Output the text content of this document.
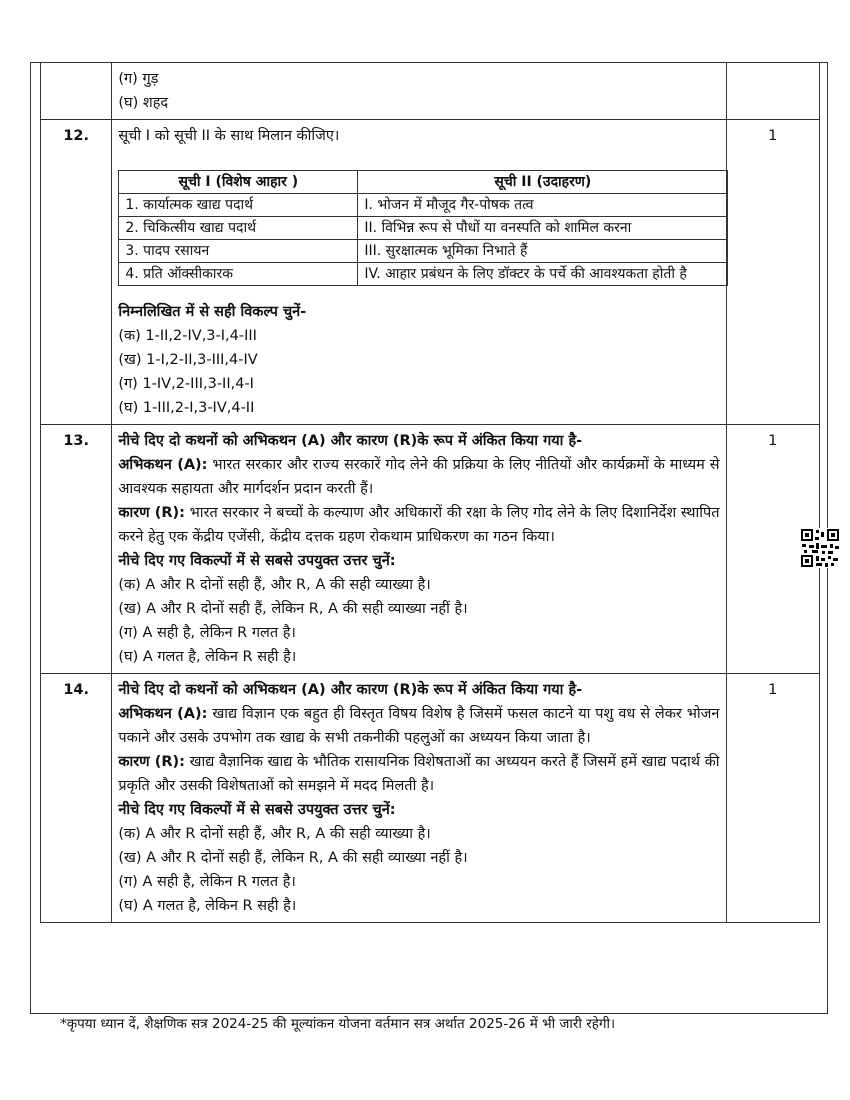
(ग) गुड़
(घ) शहद

12.	सूची I को सूची II के साथ मिलान कीजिए।
सूची I (विशेष आहार )	सूची II (उदाहरण)
1. कार्यात्मक खाद्य पदार्थ	I. भोजन में मौजूद गैर-पोषक तत्व
2. चिकित्सीय खाद्य पदार्थ	II. विभिन्न रूप से पौधों या वनस्पति को शामिल करना
3. पादप रसायन	III. सुरक्षात्मक भूमिका निभाते हैं
4. प्रति ऑक्सीकारक	IV. आहार प्रबंधन के लिए डॉक्टर के पर्चे की आवश्यकता होती है
निम्नलिखित में से सही विकल्प चुनें-
(क) 1-II,2-IV,3-I,4-III
(ख) 1-I,2-II,3-III,4-IV
(ग) 1-IV,2-III,3-II,4-I
(घ) 1-III,2-I,3-IV,4-II
	1
13.	नीचे दिए दो कथनों को अभिकथन (A) और कारण (R)के रूप में अंकित किया गया है-
अभिकथन (A): भारत सरकार और राज्य सरकारें गोद लेने की प्रक्रिया के लिए नीतियों और कार्यक्रमों के माध्यम से आवश्यक सहायता और मार्गदर्शन प्रदान करती हैं।
कारण (R): भारत सरकार ने बच्चों के कल्याण और अधिकारों की रक्षा के लिए गोद लेने के लिए दिशानिर्देश स्थापित करने हेतु एक केंद्रीय एजेंसी, केंद्रीय दत्तक ग्रहण रोकथाम प्राधिकरण का गठन किया।
नीचे दिए गए विकल्पों में से सबसे उपयुक्त उत्तर चुनें:
(क) A और R दोनों सही हैं, और R, A की सही व्याख्या है।
(ख) A और R दोनों सही हैं, लेकिन R, A की सही व्याख्या नहीं है।
(ग) A सही है, लेकिन R गलत है।
(घ) A गलत है, लेकिन R सही है।
	1
14.	नीचे दिए दो कथनों को अभिकथन (A) और कारण (R)के रूप में अंकित किया गया है-
अभिकथन (A): खाद्य विज्ञान एक बहुत ही विस्तृत विषय विशेष है जिसमें फसल काटने या पशु वध से लेकर भोजन पकाने और उसके उपभोग तक खाद्य के सभी तकनीकी पहलुओं का अध्ययन किया जाता है।
कारण (R): खाद्य वैज्ञानिक खाद्य के भौतिक रासायनिक विशेषताओं का अध्ययन करते हैं जिसमें हमें खाद्य पदार्थ की प्रकृति और उसकी विशेषताओं को समझने में मदद मिलती है।
नीचे दिए गए विकल्पों में से सबसे उपयुक्त उत्तर चुनें:
(क) A और R दोनों सही हैं, और R, A की सही व्याख्या है।
(ख) A और R दोनों सही हैं, लेकिन R, A की सही व्याख्या नहीं है।
(ग) A सही है, लेकिन R गलत है।
(घ) A गलत है, लेकिन R सही है।
	1
*कृपया ध्यान दें, शैक्षणिक सत्र 2024-25 की मूल्यांकन योजना वर्तमान सत्र अर्थात 2025-26 में भी जारी रहेगी।
